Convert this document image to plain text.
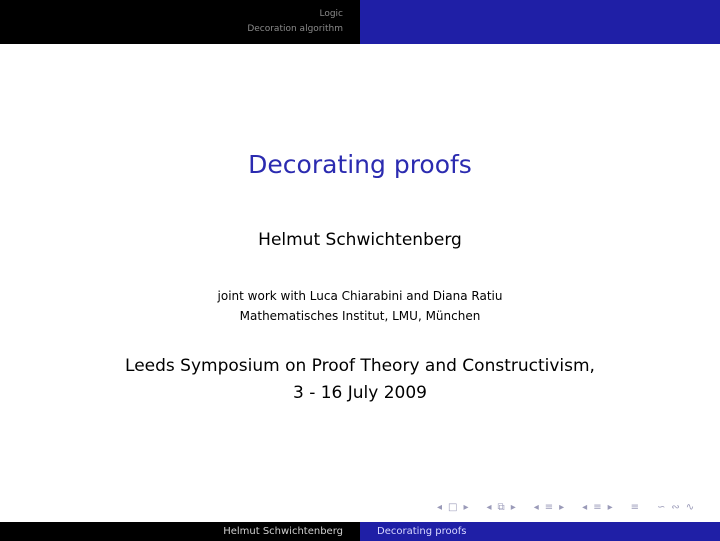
Logic
Decoration algorithm
Decorating proofs
Helmut Schwichtenberg
joint work with Luca Chiarabini and Diana Ratiu
Mathematisches Institut, LMU, München
Leeds Symposium on Proof Theory and Constructivism,
3 - 16 July 2009
◂ □ ▸ ◂ ⧉ ▸ ◂ ≡ ▸ ◂ ≡ ▸ ≡ ∽ ∾ ∿
Helmut Schwichtenberg	Decorating proofs
